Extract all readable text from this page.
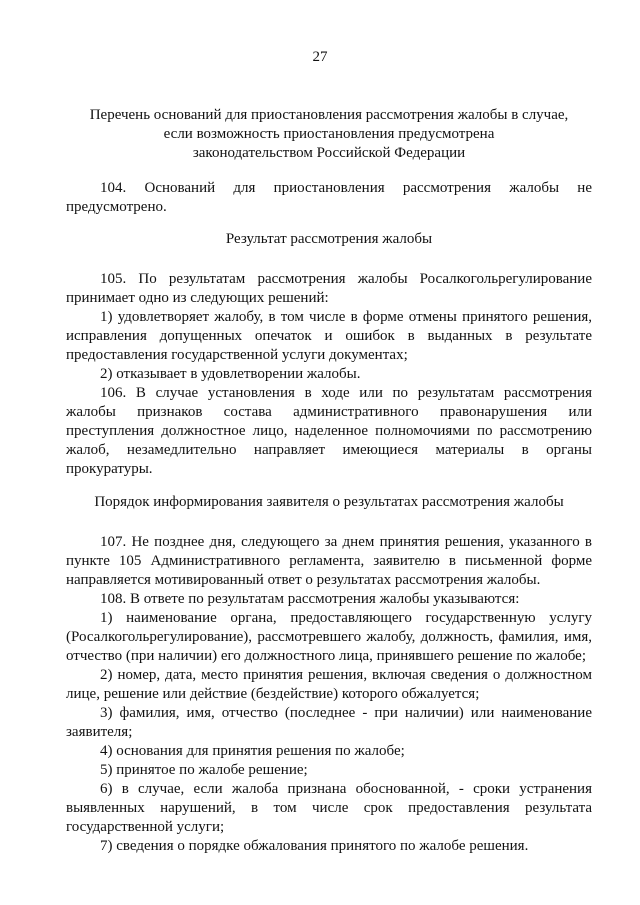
27
Перечень оснований для приостановления рассмотрения жалобы в случае,
если возможность приостановления предусмотрена
законодательством Российской Федерации

104. Оснований для приостановления рассмотрения жалобы не предусмотрено.

Результат рассмотрения жалобы

105. По результатам рассмотрения жалобы Росалкогольрегулирование принимает одно из следующих решений:

1) удовлетворяет жалобу, в том числе в форме отмены принятого решения, исправления допущенных опечаток и ошибок в выданных в результате предоставления государственной услуги документах;

2) отказывает в удовлетворении жалобы.

106. В случае установления в ходе или по результатам рассмотрения жалобы признаков состава административного правонарушения или преступления должностное лицо, наделенное полномочиями по рассмотрению жалоб, незамедлительно направляет имеющиеся материалы в органы прокуратуры.

Порядок информирования заявителя о результатах рассмотрения жалобы

107. Не позднее дня, следующего за днем принятия решения, указанного в пункте 105 Административного регламента, заявителю в письменной форме направляется мотивированный ответ о результатах рассмотрения жалобы.

108. В ответе по результатам рассмотрения жалобы указываются:

1) наименование органа, предоставляющего государственную услугу (Росалкогольрегулирование), рассмотревшего жалобу, должность, фамилия, имя, отчество (при наличии) его должностного лица, принявшего решение по жалобе;

2) номер, дата, место принятия решения, включая сведения о должностном лице, решение или действие (бездействие) которого обжалуется;

3) фамилия, имя, отчество (последнее - при наличии) или наименование заявителя;

4) основания для принятия решения по жалобе;

5) принятое по жалобе решение;

6) в случае, если жалоба признана обоснованной, - сроки устранения выявленных нарушений, в том числе срок предоставления результата государственной услуги;

7) сведения о порядке обжалования принятого по жалобе решения.
